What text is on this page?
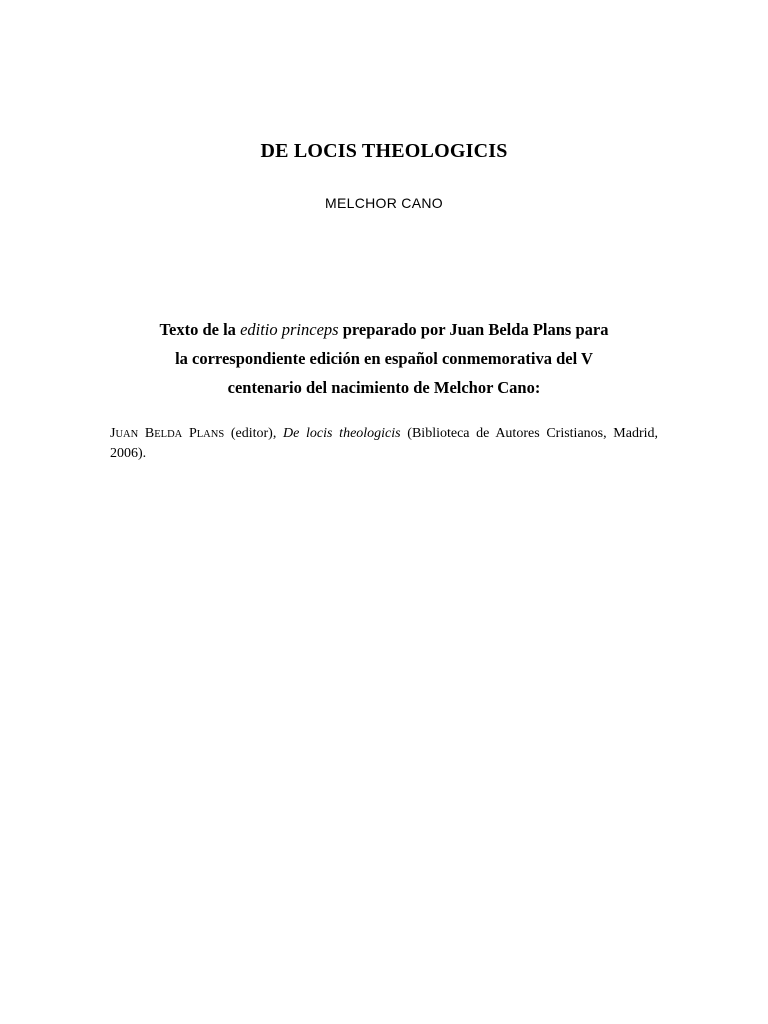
DE LOCIS THEOLOGICIS
MELCHOR CANO
Texto de la editio princeps preparado por Juan Belda Plans para
la correspondiente edición en español conmemorativa del V
centenario del nacimiento de Melchor Cano:
JUAN BELDA PLANS (editor), De locis theologicis (Biblioteca de Autores Cristianos, Madrid, 2006).
